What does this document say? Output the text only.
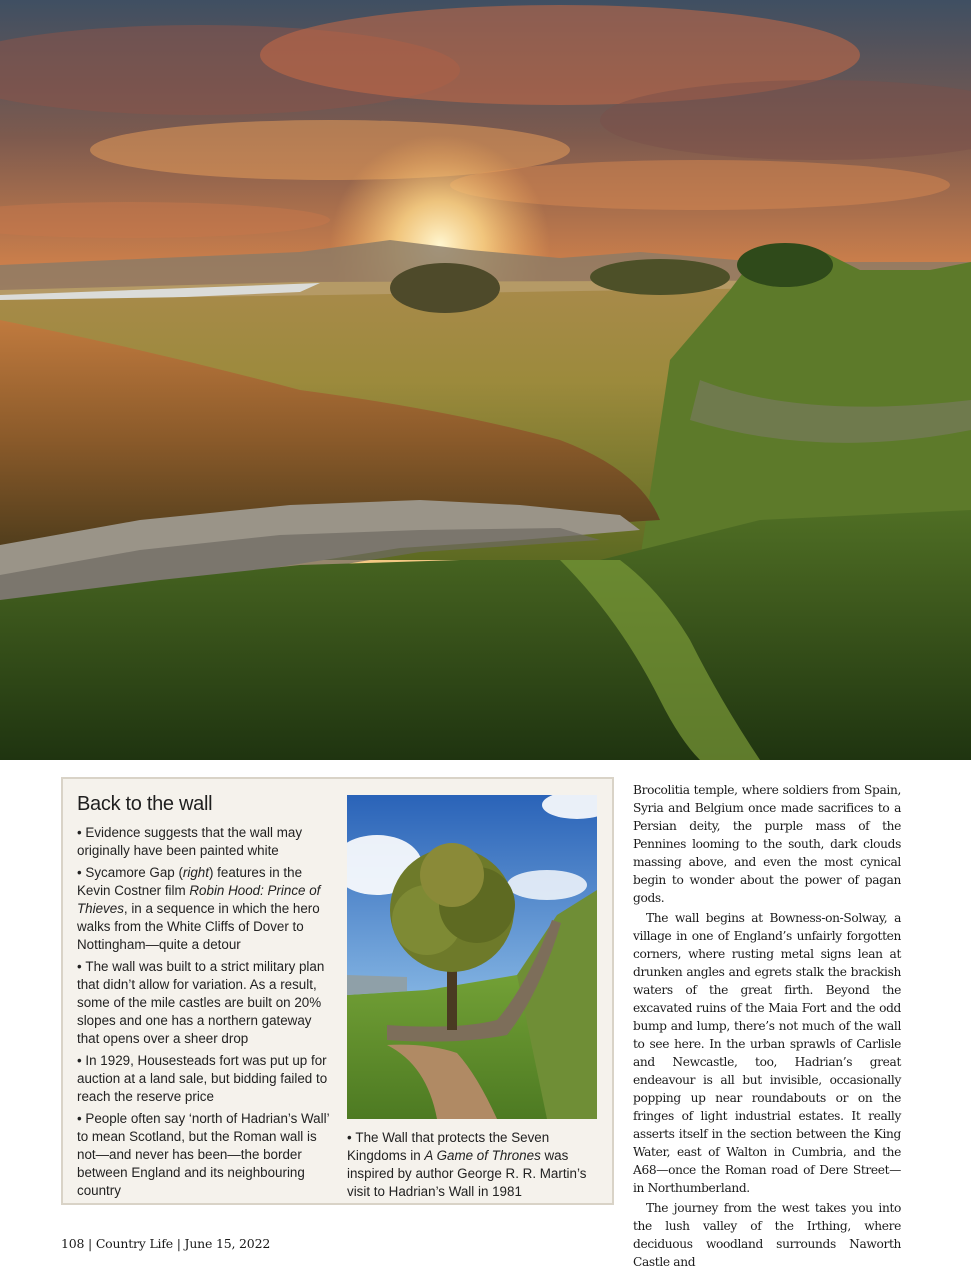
Back to the wall
• Evidence suggests that the wall may originally have been painted white
• Sycamore Gap (right) features in the Kevin Costner film Robin Hood: Prince of Thieves, in a sequence in which the hero walks from the White Cliffs of Dover to Nottingham—quite a detour
• The wall was built to a strict military plan that didn’t allow for variation. As a result, some of the mile castles are built on 20% slopes and one has a northern gateway that opens over a sheer drop
• In 1929, Housesteads fort was put up for auction at a land sale, but bidding failed to reach the reserve price
• People often say ‘north of Hadrian’s Wall’ to mean Scotland, but the Roman wall is not—and never has been—the border between England and its neighbouring country

• The Wall that protects the Seven Kingdoms in A Game of Thrones was inspired by author George R. R. Martin’s visit to Hadrian’s Wall in 1981

Brocolitia temple, where soldiers from Spain, Syria and Belgium once made sacrifices to a Persian deity, the purple mass of the Pennines looming to the south, dark clouds massing above, and even the most cynical begin to wonder about the power of pagan gods.

The wall begins at Bowness-on-Solway, a village in one of England’s unfairly forgotten corners, where rusting metal signs lean at drunken angles and egrets stalk the brackish waters of the great firth. Beyond the excavated ruins of the Maia Fort and the odd bump and lump, there’s not much of the wall to see here. In the urban sprawls of Carlisle and Newcastle, too, Hadrian’s great endeavour is all but invisible, occasionally popping up near roundabouts or on the fringes of light industrial estates. It really asserts itself in the section between the King Water, east of Walton in Cumbria, and the A68—once the Roman road of Dere Street—in Northumberland.

The journey from the west takes you into the lush valley of the Irthing, where deciduous woodland surrounds Naworth Castle and

108 | Country Life | June 15, 2022
